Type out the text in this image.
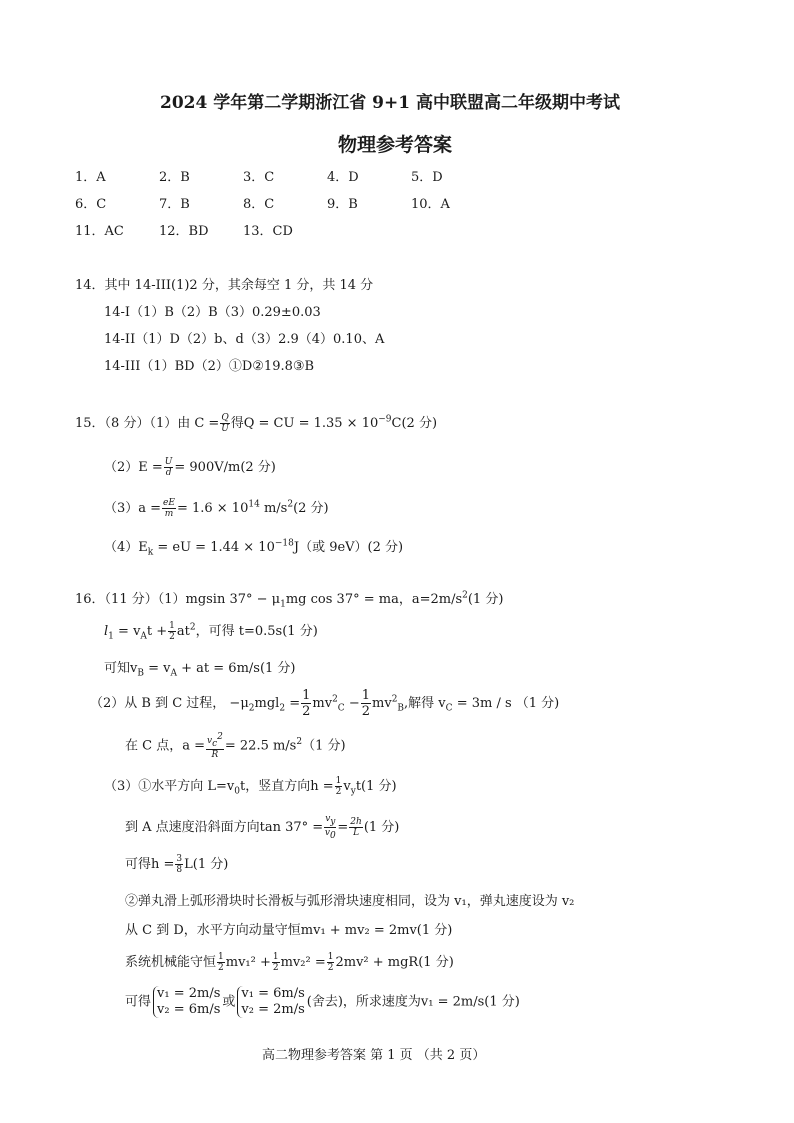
2024 学年第二学期浙江省 9+1 高中联盟高二年级期中考试
物理参考答案
1．A	2．B	3．C	4．D	5．D
6．C	7．B	8．C	9．B	10．A
11．AC	12．BD	13．CD
14．其中 14-III(1)2 分，其余每空 1 分，共 14 分
14-I（1）B（2）B（3）0.29±0.03
14-II（1）D（2）b、d（3）2.9（4）0.10、A
14-III（1）BD（2）①D②19.8③B
15．（8 分）（1）由 $C = \frac{Q}{U}$ 得Q = CU = $1.35 \times 10^{-9}C(2$ 分)
$(2)E = \frac{U}{d} = 900V/m(2$ 分)
$(3)a = \frac{eE}{m} = 1.6 \times 10^{14}$ $m/s^2(2$ 分)
$(4)E_k$ = eU = $1.44 \times 10^{-18}J$（或 9eV）(2 分)
16．（11 分）（1）mgsin $37^\circ - \mu_1mg$ cos 37° = ma，$a=2m/s^2(1$ 分)
$l_1 = v_At + \frac{1}{2} at^2$，可得 t=0.5s(1 分)
可知$v_B = v_A$ + at = 6m/s(1 分)
（2）从 B 到 C 过程， $-\mu_2mgl_2 = \frac{1}{2} mv^2_C - \frac{1}{2} mv^2_B$,解得 $v_C = 3m / s$ （1 分)
在 C 点，$a = \frac{v_c^2}{R} = 22.5$ $m/s^2(1$ 分)
（3）①水平方向 $L=v_0t$，竖直方向$h = \frac{1}{2} v_yt(1$ 分)
到 A 点速度沿斜面方向$\tan 37^\circ = \frac{v_y}{v_0} = \frac{2h}{L} (1$ 分)
可得$h = \frac{3}{8} L(1$ 分)
②弹丸滑上弧形滑块时长滑板与弧形滑块速度相同，设为 v₁，弹丸速度设为 v₂
从 C 到 D，水平方向动量守恒mv₁ + mv₂ = 2mv(1 分)
系统机械能守恒 $\frac{1}{2} mv_1^2 + \frac{1}{2} mv_2^2 = \frac{1}{2} 2mv^2 + mgR(1$ 分)
可得
v₁ = 2m/s
v₂ = 6m/s 或
v₁ = 6m/s
v₂ = 2m/s (舍去)，所求速度为v₁ = 2m/s(1 分)
高二物理参考答案 第 1 页 （共 2 页）
